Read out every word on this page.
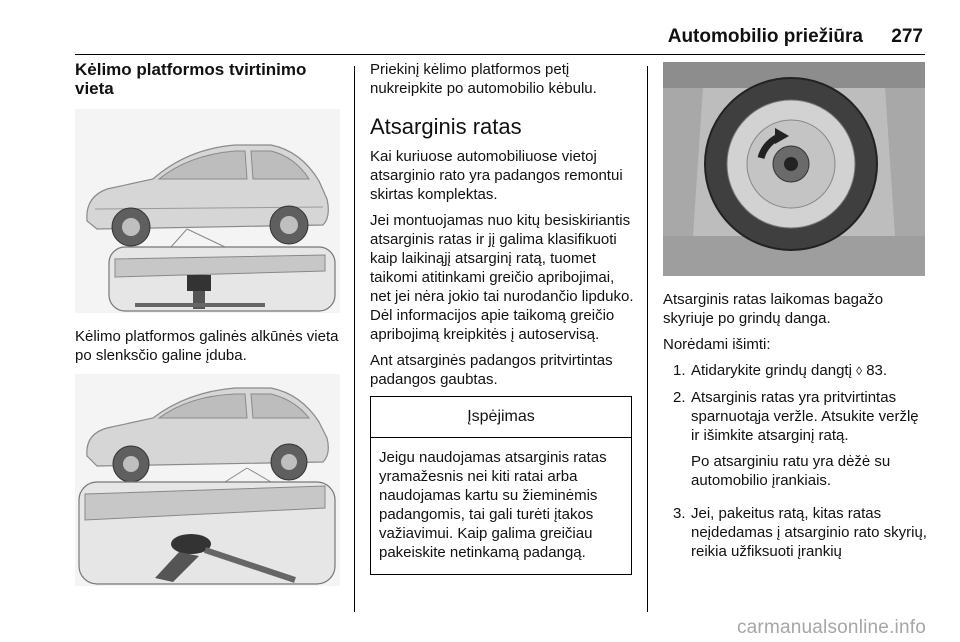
Automobilio priežiūra 277
Kėlimo platformos tvirtinimo vieta

Kėlimo platformos galinės alkūnės vieta po slenksčio galine įduba.

Priekinį kėlimo platformos petį nukreipkite po automobilio kėbulu.

Atsarginis ratas

Kai kuriuose automobiliuose vietoj atsarginio rato yra padangos remontui skirtas komplektas.

Jei montuojamas nuo kitų besiskiriantis atsarginis ratas ir jį galima klasifikuoti kaip laikinąjį atsarginį ratą, tuomet taikomi atitinkami greičio apribojimai, net jei nėra jokio tai nurodančio lipduko. Dėl informacijos apie taikomą greičio apribojimą kreipkitės į autoservisą.

Ant atsarginės padangos pritvirtintas padangos gaubtas.

Įspėjimas
Jeigu naudojamas atsarginis ratas yramažesnis nei kiti ratai arba naudojamas kartu su žieminėmis padangomis, tai gali turėti įtakos važiavimui. Kaip galima greičiau pakeiskite netinkamą padangą.

Atsarginis ratas laikomas bagažo skyriuje po grindų danga.

Norėdami išimti:

1. Atidarykite grindų dangtį ◊ 83.
2. Atsarginis ratas yra pritvirtintas sparnuotąja veržle. Atsukite veržlę ir išimkite atsarginį ratą.

Po atsarginiu ratu yra dėžė su automobilio įrankiais.

3. Jei, pakeitus ratą, kitas ratas neįdedamas į atsarginio rato skyrių, reikia užfiksuoti įrankių
carmanualsonline.info
